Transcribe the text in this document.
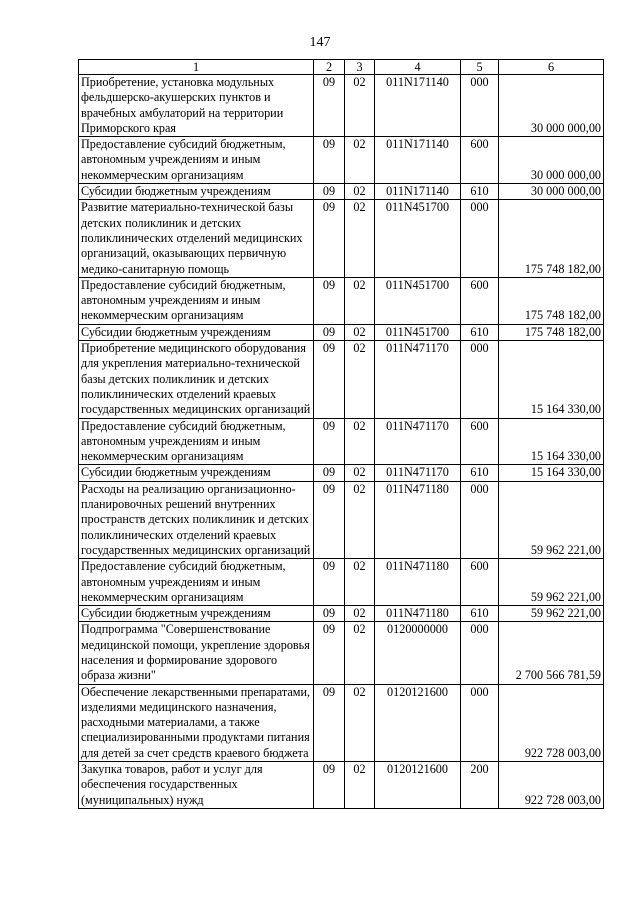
147
1	2	3	4	5	6
Приобретение, установка модульных фельдшерско-акушерских пунктов и врачебных амбулаторий на территории Приморского края	09	02	011N171140	000	30 000 000,00
Предоставление субсидий бюджетным, автономным учреждениям и иным некоммерческим организациям	09	02	011N171140	600	30 000 000,00
Субсидии бюджетным учреждениям	09	02	011N171140	610	30 000 000,00
Развитие материально-технической базы детских поликлиник и детских поликлинических отделений медицинских организаций, оказывающих первичную медико-санитарную помощь	09	02	011N451700	000	175 748 182,00
Предоставление субсидий бюджетным, автономным учреждениям и иным некоммерческим организациям	09	02	011N451700	600	175 748 182,00
Субсидии бюджетным учреждениям	09	02	011N451700	610	175 748 182,00
Приобретение медицинского оборудования для укрепления материально-технической базы детских поликлиник и детских поликлинических отделений краевых государственных медицинских организаций	09	02	011N471170	000	15 164 330,00
Предоставление субсидий бюджетным, автономным учреждениям и иным некоммерческим организациям	09	02	011N471170	600	15 164 330,00
Субсидии бюджетным учреждениям	09	02	011N471170	610	15 164 330,00
Расходы на реализацию организационно-планировочных решений внутренних пространств детских поликлиник и детских поликлинических отделений краевых государственных медицинских организаций	09	02	011N471180	000	59 962 221,00
Предоставление субсидий бюджетным, автономным учреждениям и иным некоммерческим организациям	09	02	011N471180	600	59 962 221,00
Субсидии бюджетным учреждениям	09	02	011N471180	610	59 962 221,00
Подпрограмма "Совершенствование медицинской помощи, укрепление здоровья населения и формирование здорового образа жизни"	09	02	0120000000	000	2 700 566 781,59
Обеспечение лекарственными препаратами, изделиями медицинского назначения, расходными материалами, а также специализированными продуктами питания для детей за счет средств краевого бюджета	09	02	0120121600	000	922 728 003,00
Закупка товаров, работ и услуг для обеспечения государственных (муниципальных) нужд	09	02	0120121600	200	922 728 003,00
